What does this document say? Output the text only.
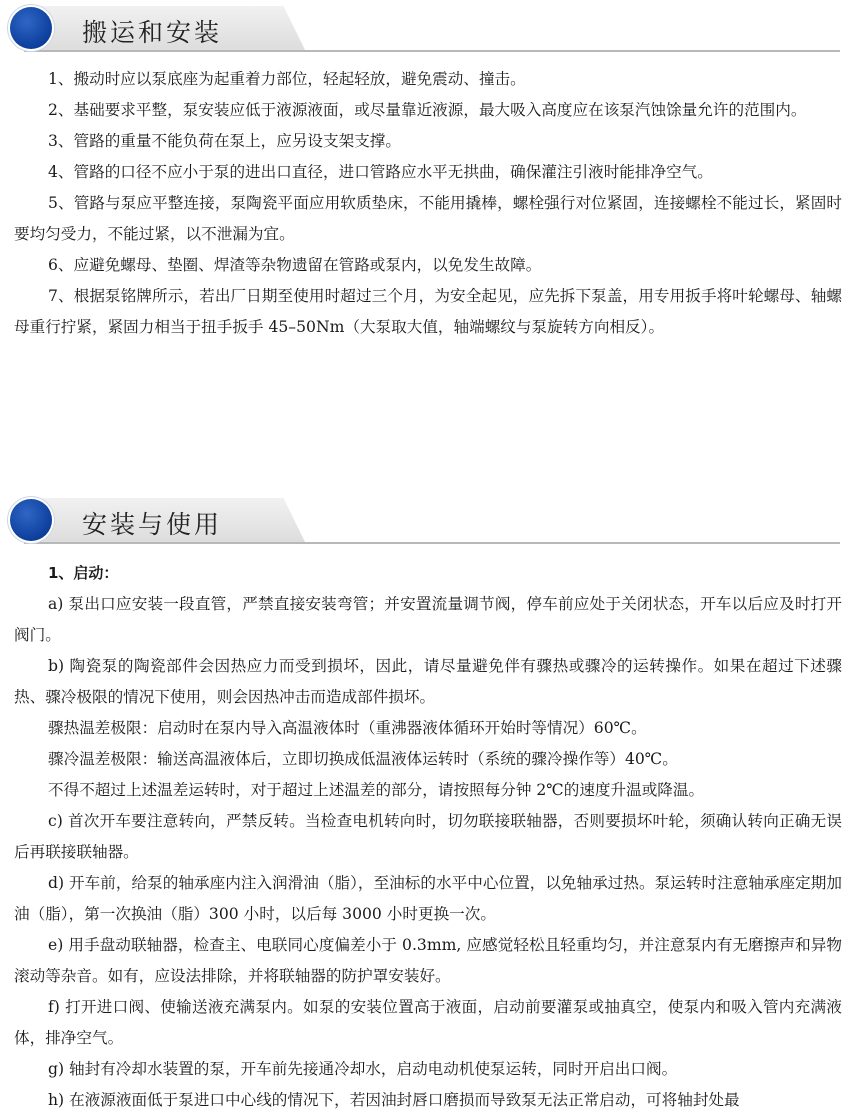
搬运和安装

1、搬动时应以泵底座为起重着力部位，轻起轻放，避免震动、撞击。

2、基础要求平整，泵安装应低于液源液面，或尽量靠近液源，最大吸入高度应在该泵汽蚀馀量允许的范围内。

3、管路的重量不能负荷在泵上，应另设支架支撑。

4、管路的口径不应小于泵的进出口直径，进口管路应水平无拱曲，确保灌注引液时能排净空气。

5、管路与泵应平整连接，泵陶瓷平面应用软质垫床，不能用撬棒，螺栓强行对位紧固，连接螺栓不能过长，紧固时要均匀受力，不能过紧，以不泄漏为宜。

6、应避免螺母、垫圈、焊渣等杂物遗留在管路或泵内，以免发生故障。

7、根据泵铭牌所示，若出厂日期至使用时超过三个月，为安全起见，应先拆下泵盖，用专用扳手将叶轮螺母、轴螺母重行拧紧，紧固力相当于扭手扳手 45–50Nm（大泵取大值，轴端螺纹与泵旋转方向相反）。

安装与使用

1、启动：

a) 泵出口应安装一段直管，严禁直接安装弯管；并安置流量调节阀，停车前应处于关闭状态，开车以后应及时打开阀门。

b) 陶瓷泵的陶瓷部件会因热应力而受到损坏，因此，请尽量避免伴有骤热或骤冷的运转操作。如果在超过下述骤热、骤冷极限的情况下使用，则会因热冲击而造成部件损坏。

骤热温差极限：启动时在泵内导入高温液体时（重沸器液体循环开始时等情况）60℃。

骤冷温差极限：输送高温液体后，立即切换成低温液体运转时（系统的骤冷操作等）40℃。

不得不超过上述温差运转时，对于超过上述温差的部分，请按照每分钟 2℃的速度升温或降温。

c) 首次开车要注意转向，严禁反转。当检查电机转向时，切勿联接联轴器，否则要损坏叶轮，须确认转向正确无误后再联接联轴器。

d) 开车前，给泵的轴承座内注入润滑油（脂），至油标的水平中心位置，以免轴承过热。泵运转时注意轴承座定期加油（脂），第一次换油（脂）300 小时，以后每 3000 小时更换一次。

e) 用手盘动联轴器，检查主、电联同心度偏差小于 0.3mm, 应感觉轻松且轻重均匀，并注意泵内有无磨擦声和异物滚动等杂音。如有，应设法排除，并将联轴器的防护罩安装好。

f) 打开进口阀、使输送液充满泵内。如泵的安装位置高于液面，启动前要灌泵或抽真空，使泵内和吸入管内充满液体，排净空气。

g) 轴封有冷却水装置的泵，开车前先接通冷却水，启动电动机使泵运转，同时开启出口阀。

h) 在液源液面低于泵进口中心线的情况下，若因油封唇口磨损而导致泵无法正常启动，可将轴封处最
